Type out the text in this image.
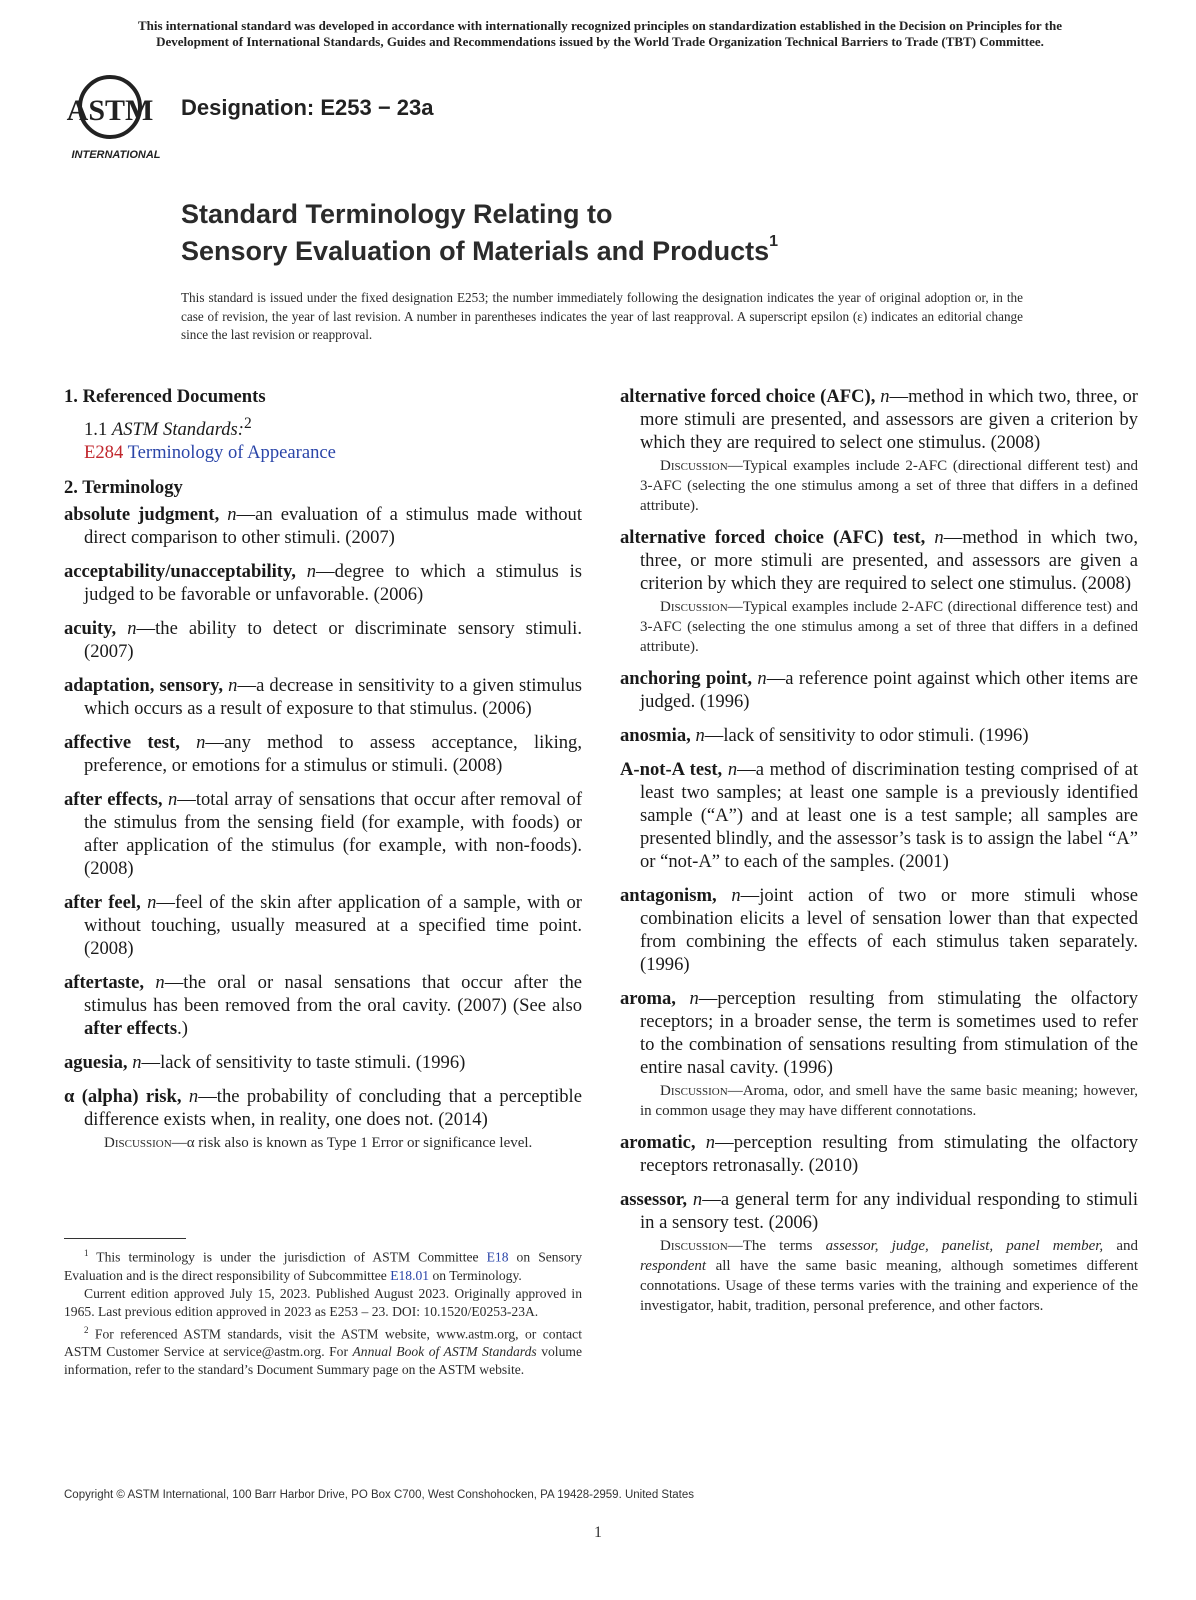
This international standard was developed in accordance with internationally recognized principles on standardization established in the Decision on Principles for the
Development of International Standards, Guides and Recommendations issued by the World Trade Organization Technical Barriers to Trade (TBT) Committee.
ASTM
INTERNATIONAL
Designation: E253 − 23a
Standard Terminology Relating to
Sensory Evaluation of Materials and Products$^1$
This standard is issued under the fixed designation E253; the number immediately following the designation indicates the year of original adoption or, in the case of revision, the year of last revision. A number in parentheses indicates the year of last reapproval. A superscript epsilon (ε) indicates an editorial change since the last revision or reapproval.

1. Referenced Documents

1.1 ASTM Standards:$^2$

E284 Terminology of Appearance

2. Terminology

absolute judgment, n—an evaluation of a stimulus made without direct comparison to other stimuli. (2007)

acceptability/unacceptability, n—degree to which a stimulus is judged to be favorable or unfavorable. (2006)

acuity, n—the ability to detect or discriminate sensory stimuli. (2007)

adaptation, sensory, n—a decrease in sensitivity to a given stimulus which occurs as a result of exposure to that stimulus. (2006)

affective test, n—any method to assess acceptance, liking, preference, or emotions for a stimulus or stimuli. (2008)

after effects, n—total array of sensations that occur after removal of the stimulus from the sensing field (for example, with foods) or after application of the stimulus (for example, with non-foods). (2008)

after feel, n—feel of the skin after application of a sample, with or without touching, usually measured at a specified time point. (2008)

aftertaste, n—the oral or nasal sensations that occur after the stimulus has been removed from the oral cavity. (2007) (See also after effects.)

aguesia, n—lack of sensitivity to taste stimuli. (1996)

α (alpha) risk, n—the probability of concluding that a perceptible difference exists when, in reality, one does not. (2014)

Discussion—α risk also is known as Type 1 Error or significance level.

$^1$ This terminology is under the jurisdiction of ASTM Committee E18 on Sensory Evaluation and is the direct responsibility of Subcommittee E18.01 on Terminology.

Current edition approved July 15, 2023. Published August 2023. Originally approved in 1965. Last previous edition approved in 2023 as E253 – 23. DOI: 10.1520/E0253-23A.

$^2$ For referenced ASTM standards, visit the ASTM website, www.astm.org, or contact ASTM Customer Service at service@astm.org. For Annual Book of ASTM Standards volume information, refer to the standard’s Document Summary page on the ASTM website.

alternative forced choice (AFC), n—method in which two, three, or more stimuli are presented, and assessors are given a criterion by which they are required to select one stimulus. (2008)

Discussion—Typical examples include 2-AFC (directional different test) and 3-AFC (selecting the one stimulus among a set of three that differs in a defined attribute).

alternative forced choice (AFC) test, n—method in which two, three, or more stimuli are presented, and assessors are given a criterion by which they are required to select one stimulus. (2008)

Discussion—Typical examples include 2-AFC (directional difference test) and 3-AFC (selecting the one stimulus among a set of three that differs in a defined attribute).

anchoring point, n—a reference point against which other items are judged. (1996)

anosmia, n—lack of sensitivity to odor stimuli. (1996)

A-not-A test, n—a method of discrimination testing comprised of at least two samples; at least one sample is a previously identified sample (“A”) and at least one is a test sample; all samples are presented blindly, and the assessor’s task is to assign the label “A” or “not-A” to each of the samples. (2001)

antagonism, n—joint action of two or more stimuli whose combination elicits a level of sensation lower than that expected from combining the effects of each stimulus taken separately. (1996)

aroma, n—perception resulting from stimulating the olfactory receptors; in a broader sense, the term is sometimes used to refer to the combination of sensations resulting from stimulation of the entire nasal cavity. (1996)

Discussion—Aroma, odor, and smell have the same basic meaning; however, in common usage they may have different connotations.

aromatic, n—perception resulting from stimulating the olfactory receptors retronasally. (2010)

assessor, n—a general term for any individual responding to stimuli in a sensory test. (2006)

Discussion—The terms assessor, judge, panelist, panel member, and respondent all have the same basic meaning, although sometimes different connotations. Usage of these terms varies with the training and experience of the investigator, habit, tradition, personal preference, and other factors.

Copyright © ASTM International, 100 Barr Harbor Drive, PO Box C700, West Conshohocken, PA 19428-2959. United States
1
